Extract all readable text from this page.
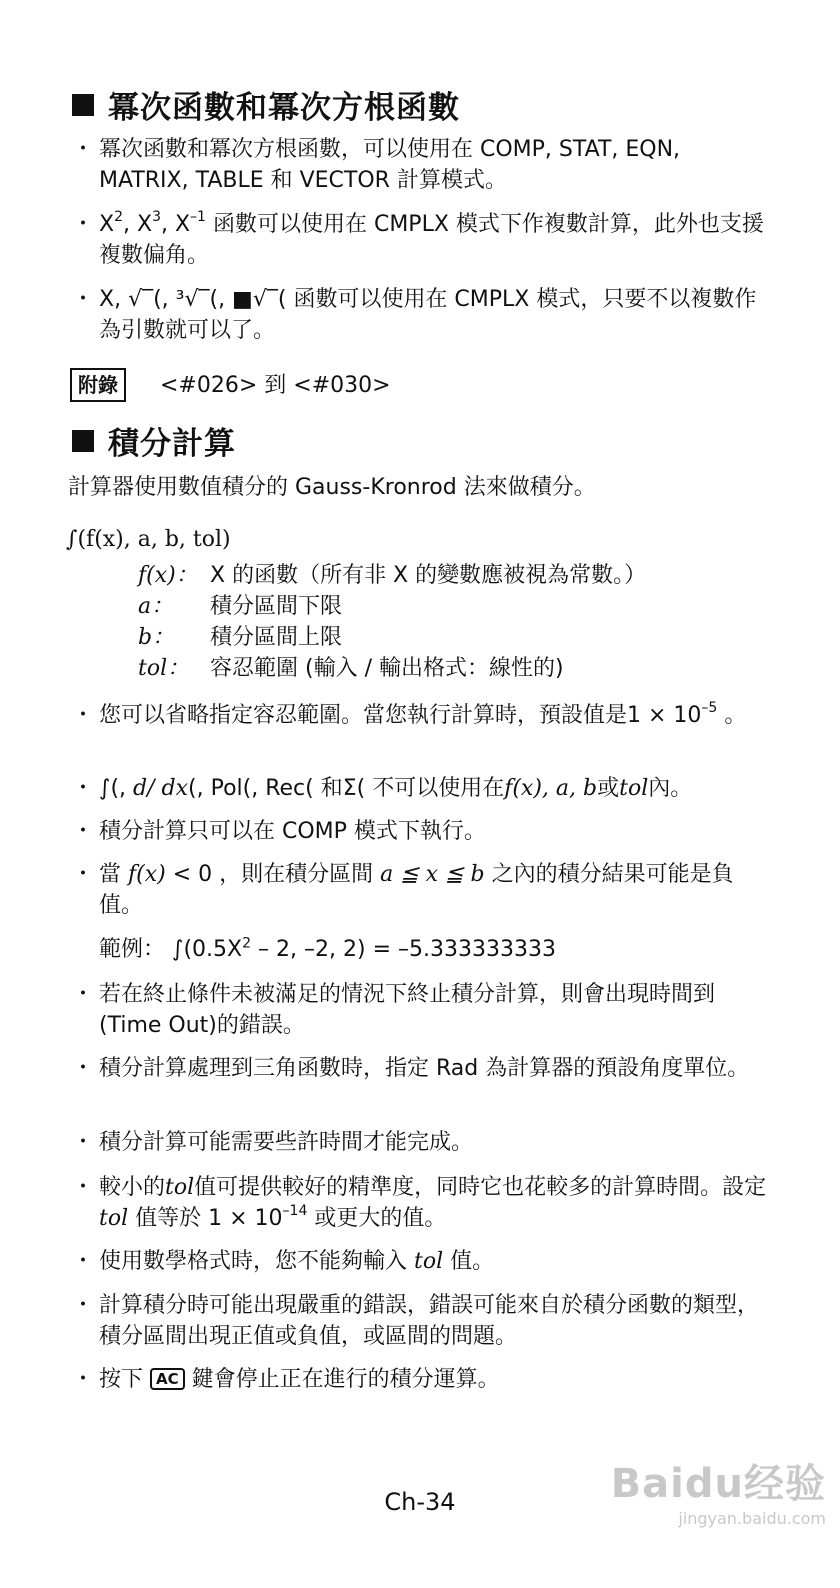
冪次函數和冪次方根函數
・ 冪次函數和冪次方根函數，可以使用在 COMP, STAT, EQN, MATRIX, TABLE 和 VECTOR 計算模式。
・ $X^2$, $X^3$, $X^{-1}$ 函數可以使用在 CMPLX 模式下作複數計算，此外也支援複數偏角。
・ X, √‾(, ³√‾(, ■√‾( 函數可以使用在 CMPLX 模式，只要不以複數作為引數就可以了。
附錄	<#026> 到 <#030>
積分計算
計算器使用數值積分的 Gauss-Kronrod 法來做積分。
∫(f(x), a, b, tol)
f(x)： X 的函數（所有非 X 的變數應被視為常數。）
a： 積分區間下限
b： 積分區間上限
tol： 容忍範圍 (輸入 / 輸出格式：線性的)
・ 您可以省略指定容忍範圍。當您執行計算時，預設值是$1 \times 10^{-5}$ 。
・ ∫(, d/ dx(, Pol(, Rec( 和Σ( 不可以使用在f(x), a, b或tol內。
・ 積分計算只可以在 COMP 模式下執行。
・ 當 f(x) < 0 ，則在積分區間 a ≦ x ≦ b 之內的積分結果可能是負值。
範例： $\int(0.5X^2 - 2$, –2, 2) = –5.333333333
・ 若在終止條件未被滿足的情況下終止積分計算，則會出現時間到(Time Out)的錯誤。
・ 積分計算處理到三角函數時，指定 Rad 為計算器的預設角度單位。
・ 積分計算可能需要些許時間才能完成。
・ 較小的tol值可提供較好的精準度，同時它也花較多的計算時間。設定 tol 值等於 $1 \times 10^{-14}$ 或更大的值。
・ 使用數學格式時，您不能夠輸入 tol 值。
・ 計算積分時可能出現嚴重的錯誤，錯誤可能來自於積分函數的類型，積分區間出現正值或負值，或區間的問題。
・ 按下 AC 鍵會停止正在進行的積分運算。
Ch-34	Baidu经验
jingyan.baidu.com
